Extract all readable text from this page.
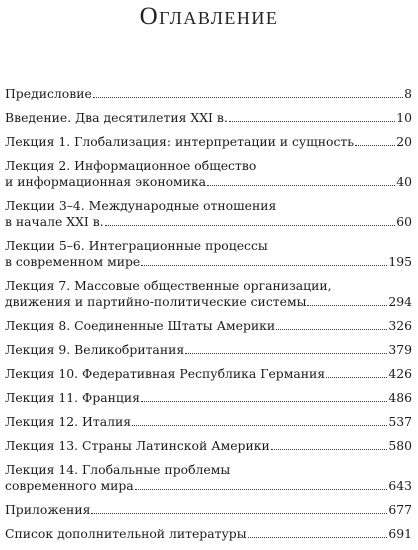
Оглавление
Предисловие	8
Введение. Два десятилетия XXI в.	10
Лекция 1. Глобализация: интерпретации и сущность	20
Лекция 2. Информационное общество
и информационная экономика	40
Лекции 3–4. Международные отношения
в начале XXI в.	60
Лекции 5–6. Интеграционные процессы
в современном мире	195
Лекция 7. Массовые общественные организации,
движения и партийно-политические системы	294
Лекция 8. Соединенные Штаты Америки	326
Лекция 9. Великобритания	379
Лекция 10. Федеративная Республика Германия	426
Лекция 11. Франция	486
Лекция 12. Италия	537
Лекция 13. Страны Латинской Америки	580
Лекция 14. Глобальные проблемы
современного мира	643
Приложения	677
Список дополнительной литературы	691
